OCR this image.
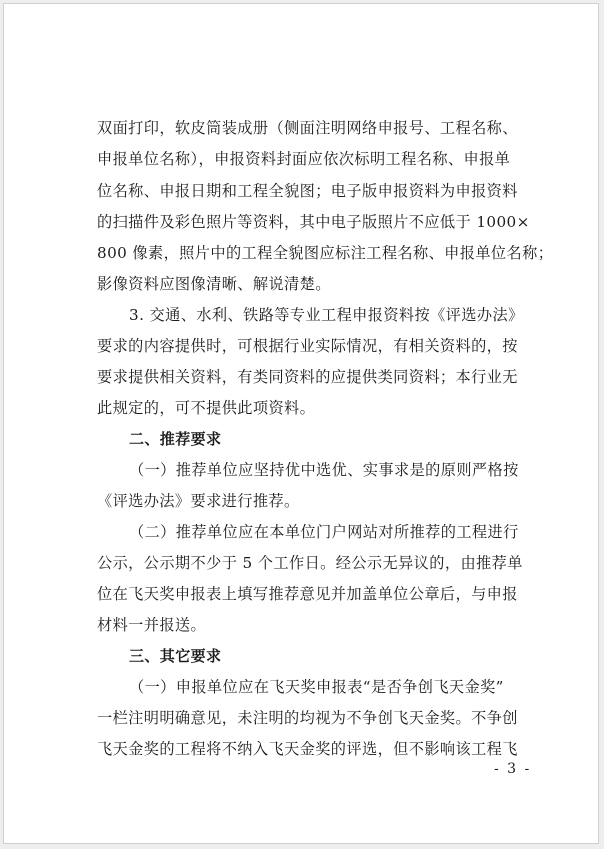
双面打印，软皮筒装成册（侧面注明网络申报号、工程名称、
申报单位名称），申报资料封面应依次标明工程名称、申报单
位名称、申报日期和工程全貌图；电子版申报资料为申报资料
的扫描件及彩色照片等资料，其中电子版照片不应低于 1000×
800 像素，照片中的工程全貌图应标注工程名称、申报单位名称；
影像资料应图像清晰、解说清楚。
3. 交通、水利、铁路等专业工程申报资料按《评选办法》
要求的内容提供时，可根据行业实际情况，有相关资料的，按
要求提供相关资料，有类同资料的应提供类同资料；本行业无
此规定的，可不提供此项资料。
二、推荐要求
（一）推荐单位应坚持优中选优、实事求是的原则严格按
《评选办法》要求进行推荐。
（二）推荐单位应在本单位门户网站对所推荐的工程进行
公示，公示期不少于 5 个工作日。经公示无异议的，由推荐单
位在飞天奖申报表上填写推荐意见并加盖单位公章后，与申报
材料一并报送。
三、其它要求
（一）申报单位应在飞天奖申报表“是否争创飞天金奖”
一栏注明明确意见，未注明的均视为不争创飞天金奖。不争创
飞天金奖的工程将不纳入飞天金奖的评选，但不影响该工程飞
- 3 -
